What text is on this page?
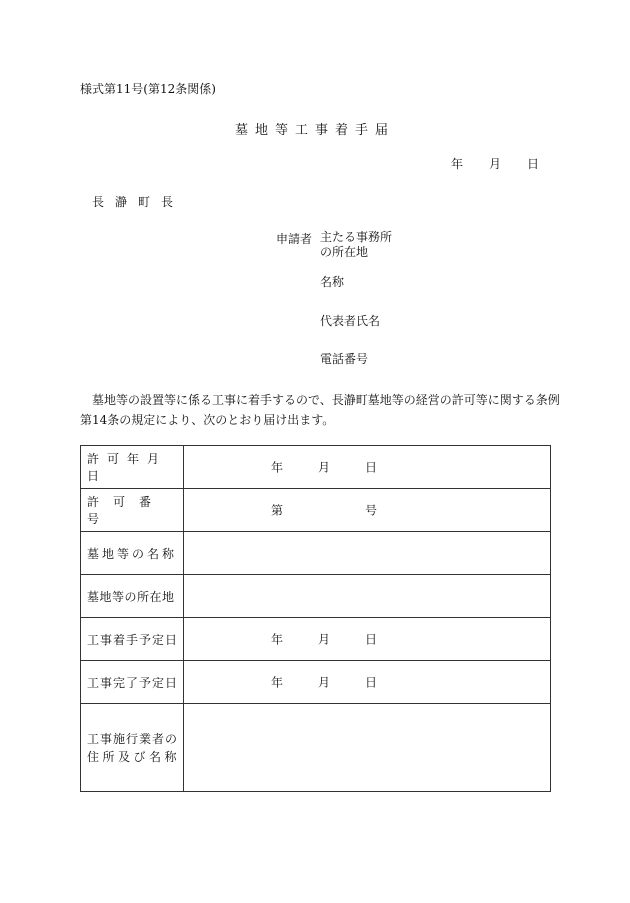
様式第11号(第12条関係)
墓地等工事着手届
年 月 日
長瀞町長
申請者 主たる事務所
の所在地
名称
代表者氏名
電話番号
墓地等の設置等に係る工事に着手するので、長瀞町墓地等の経営の許可等に関する条例
第14条の規定により、次のとおり届け出ます。
許可年月日	年 月 日

許可番号	第 号

墓地等の名称	
墓地等の所在地	
工事着手予定日	年 月 日

工事完了予定日	年 月 日

工事施行業者の
住所及び名称	
